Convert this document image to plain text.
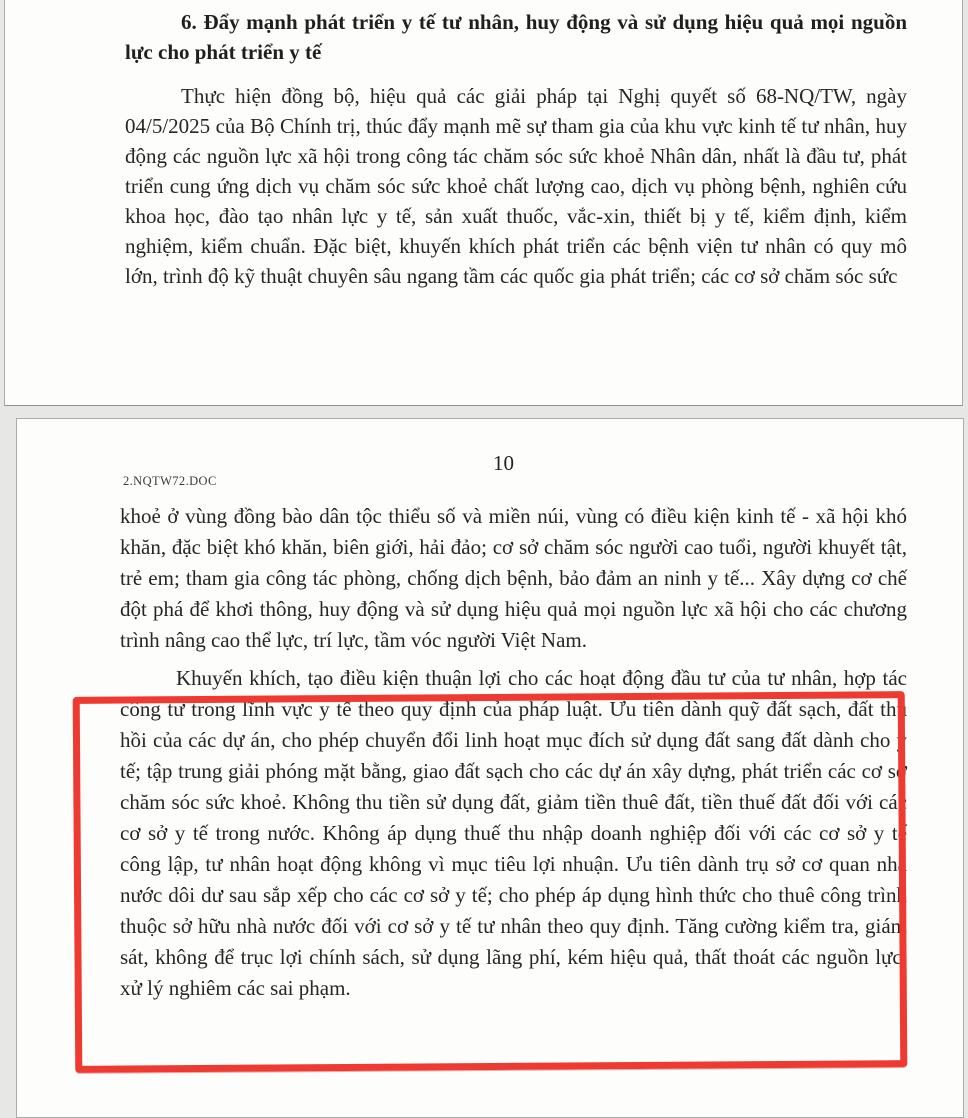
6. Đẩy mạnh phát triển y tế tư nhân, huy động và sử dụng hiệu quả mọi nguồn lực cho phát triển y tế

Thực hiện đồng bộ, hiệu quả các giải pháp tại Nghị quyết số 68-NQ/TW, ngày 04/5/2025 của Bộ Chính trị, thúc đẩy mạnh mẽ sự tham gia của khu vực kinh tế tư nhân, huy động các nguồn lực xã hội trong công tác chăm sóc sức khoẻ Nhân dân, nhất là đầu tư, phát triển cung ứng dịch vụ chăm sóc sức khoẻ chất lượng cao, dịch vụ phòng bệnh, nghiên cứu khoa học, đào tạo nhân lực y tế, sản xuất thuốc, vắc-xin, thiết bị y tế, kiểm định, kiểm nghiệm, kiểm chuẩn. Đặc biệt, khuyến khích phát triển các bệnh viện tư nhân có quy mô lớn, trình độ kỹ thuật chuyên sâu ngang tầm các quốc gia phát triển; các cơ sở chăm sóc sức

2.NQTW72.DOC
10

khoẻ ở vùng đồng bào dân tộc thiểu số và miền núi, vùng có điều kiện kinh tế - xã hội khó khăn, đặc biệt khó khăn, biên giới, hải đảo; cơ sở chăm sóc người cao tuổi, người khuyết tật, trẻ em; tham gia công tác phòng, chống dịch bệnh, bảo đảm an ninh y tế... Xây dựng cơ chế đột phá để khơi thông, huy động và sử dụng hiệu quả mọi nguồn lực xã hội cho các chương trình nâng cao thể lực, trí lực, tầm vóc người Việt Nam.

Khuyến khích, tạo điều kiện thuận lợi cho các hoạt động đầu tư của tư nhân, hợp tác công tư trong lĩnh vực y tế theo quy định của pháp luật. Ưu tiên dành quỹ đất sạch, đất thu hồi của các dự án, cho phép chuyển đổi linh hoạt mục đích sử dụng đất sang đất dành cho y tế; tập trung giải phóng mặt bằng, giao đất sạch cho các dự án xây dựng, phát triển các cơ sở chăm sóc sức khoẻ. Không thu tiền sử dụng đất, giảm tiền thuê đất, tiền thuế đất đối với các cơ sở y tế trong nước. Không áp dụng thuế thu nhập doanh nghiệp đối với các cơ sở y tế công lập, tư nhân hoạt động không vì mục tiêu lợi nhuận. Ưu tiên dành trụ sở cơ quan nhà nước dôi dư sau sắp xếp cho các cơ sở y tế; cho phép áp dụng hình thức cho thuê công trình thuộc sở hữu nhà nước đối với cơ sở y tế tư nhân theo quy định. Tăng cường kiểm tra, giám sát, không để trục lợi chính sách, sử dụng lãng phí, kém hiệu quả, thất thoát các nguồn lực, xử lý nghiêm các sai phạm.
